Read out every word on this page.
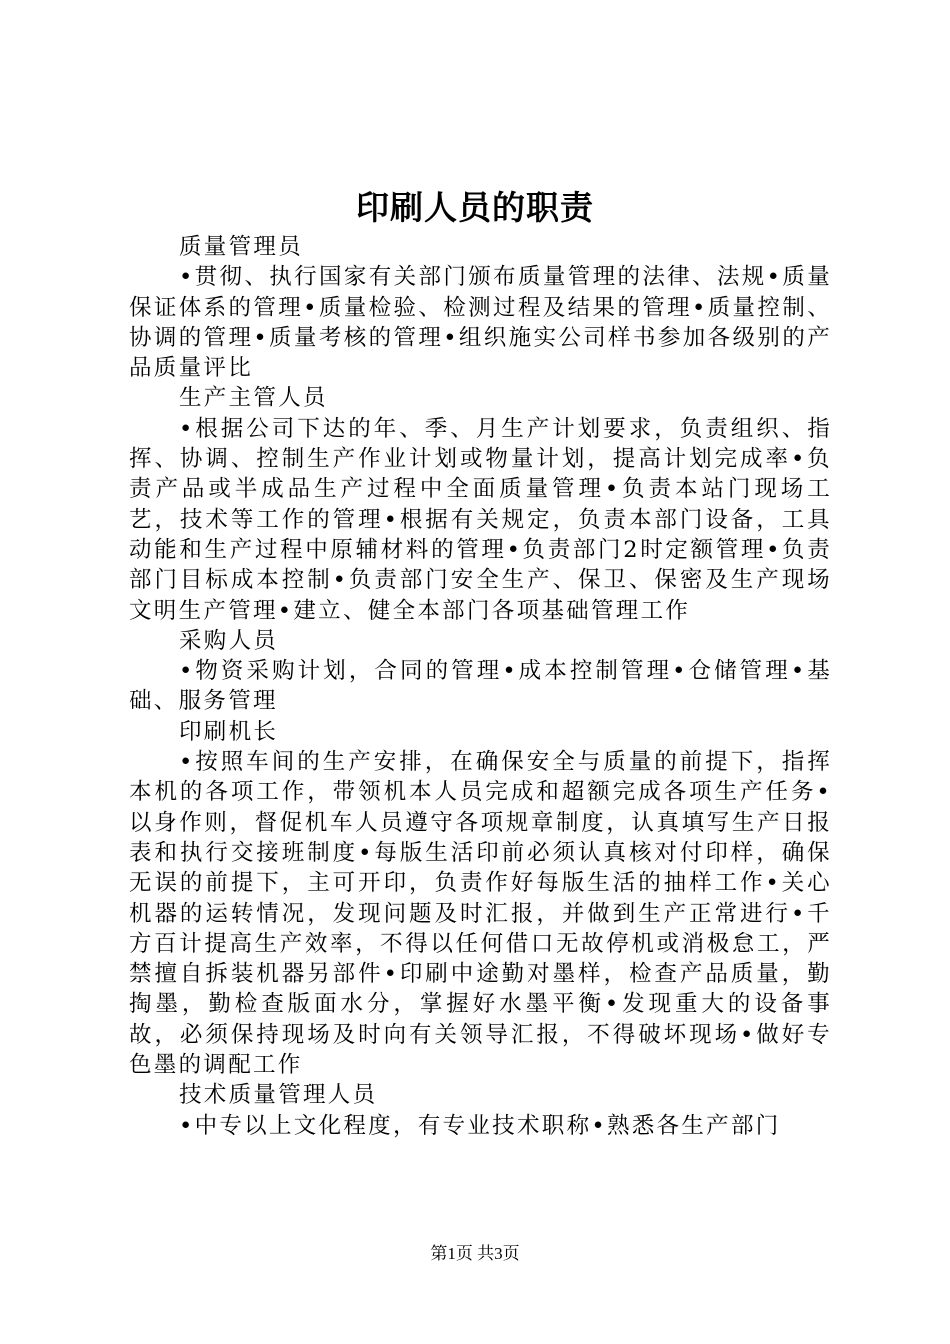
印刷人员的职责

质量管理员

•贯彻、执行国家有关部门颁布质量管理的法律、法规•质量保证体系的管理•质量检验、检测过程及结果的管理•质量控制、协调的管理•质量考核的管理•组织施实公司样书参加各级别的产品质量评比

生产主管人员

•根据公司下达的年、季、月生产计划要求，负责组织、指挥、协调、控制生产作业计划或物量计划，提高计划完成率•负责产品或半成品生产过程中全面质量管理•负责本站门现场工艺，技术等工作的管理•根据有关规定，负责本部门设备，工具动能和生产过程中原辅材料的管理•负责部门2时定额管理•负责部门目标成本控制•负责部门安全生产、保卫、保密及生产现场文明生产管理•建立、健全本部门各项基础管理工作

采购人员

•物资采购计划，合同的管理•成本控制管理•仓储管理•基础、服务管理

印刷机长

•按照车间的生产安排，在确保安全与质量的前提下，指挥本机的各项工作，带领机本人员完成和超额完成各项生产任务•以身作则，督促机车人员遵守各项规章制度，认真填写生产日报表和执行交接班制度•每版生活印前必须认真核对付印样，确保无误的前提下，主可开印，负责作好每版生活的抽样工作•关心机器的运转情况，发现问题及时汇报，并做到生产正常进行•千方百计提高生产效率，不得以任何借口无故停机或消极怠工，严禁擅自拆装机器另部件•印刷中途勤对墨样，检查产品质量，勤掏墨，勤检查版面水分，掌握好水墨平衡•发现重大的设备事故，必须保持现场及时向有关领导汇报，不得破坏现场•做好专色墨的调配工作

技术质量管理人员

•中专以上文化程度，有专业技术职称•熟悉各生产部门

第1页 共3页
